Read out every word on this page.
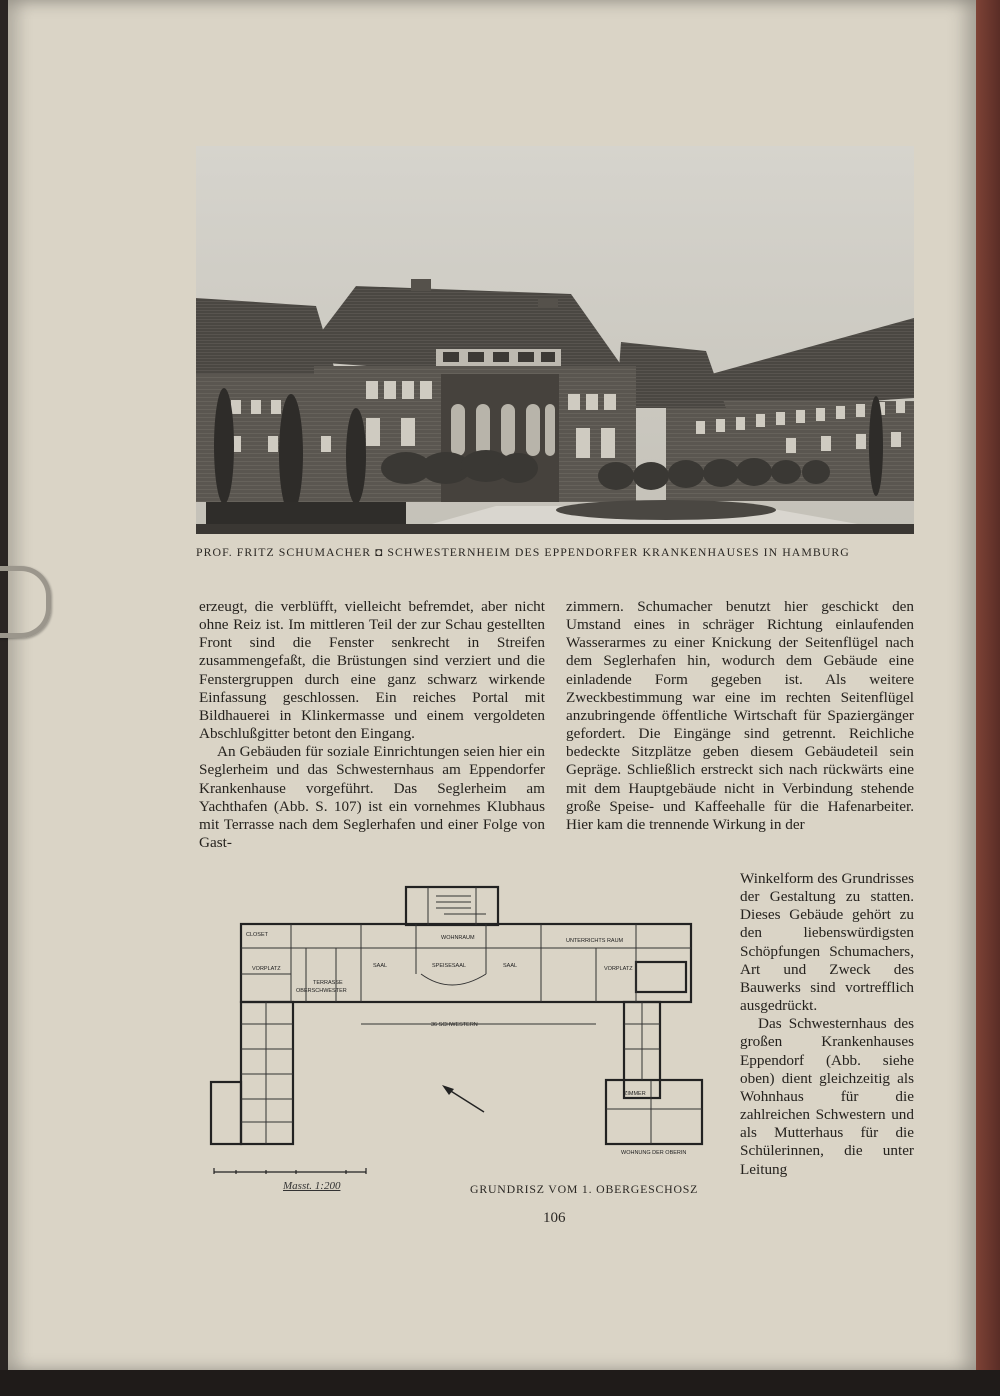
PROF. FRITZ SCHUMACHER ◘ SCHWESTERNHEIM DES EPPENDORFER KRANKENHAUSES IN HAMBURG

erzeugt, die verblüfft, vielleicht befremdet, aber nicht ohne Reiz ist. Im mittleren Teil der zur Schau gestellten Front sind die Fenster senkrecht in Streifen zusammengefaßt, die Brüstungen sind verziert und die Fenstergruppen durch eine ganz schwarz wirkende Einfassung geschlossen. Ein reiches Portal mit Bildhauerei in Klinkermasse und einem vergoldeten Abschlußgitter betont den Eingang.

An Gebäuden für soziale Einrichtungen seien hier ein Seglerheim und das Schwesternhaus am Eppendorfer Krankenhause vorgeführt. Das Seglerheim am Yachthafen (Abb. S. 107) ist ein vornehmes Klubhaus mit Terrasse nach dem Seglerhafen und einer Folge von Gast-

zimmern. Schumacher benutzt hier geschickt den Umstand eines in schräger Richtung einlaufenden Wasserarmes zu einer Knickung der Seitenflügel nach dem Seglerhafen hin, wodurch dem Gebäude eine einladende Form gegeben ist. Als weitere Zweckbestimmung war eine im rechten Seitenflügel anzubringende öffentliche Wirtschaft für Spaziergänger gefordert. Die Eingänge sind getrennt. Reichliche bedeckte Sitzplätze geben diesem Gebäudeteil sein Gepräge. Schließlich erstreckt sich nach rückwärts eine mit dem Hauptgebäude nicht in Verbindung stehende große Speise- und Kaffeehalle für die Hafenarbeiter. Hier kam die trennende Wirkung in der

Winkelform des Grundrisses der Gestaltung zu statten. Dieses Gebäude gehört zu den liebenswürdigsten Schöpfungen Schumachers, Art und Zweck des Bauwerks sind vortrefflich ausgedrückt.

Das Schwesternhaus des großen Krankenhauses Eppendorf (Abb. siehe oben) dient gleichzeitig als Wohnhaus für die zahlreichen Schwestern und als Mutterhaus für die Schülerinnen, die unter Leitung

WOHNRAUM	UNTERRICHTS RAUM
SPEISESAAL
SAAL	SAAL
VORPLATZ	VORPLATZ
CLOSET
TERRASSE
OBERSCHWESTER
36 SCHWESTERN
ZIMMER
WOHNUNG DER OBERIN
Masst. 1:200	GRUNDRISZ VOM 1. OBERGESCHOSZ
106
